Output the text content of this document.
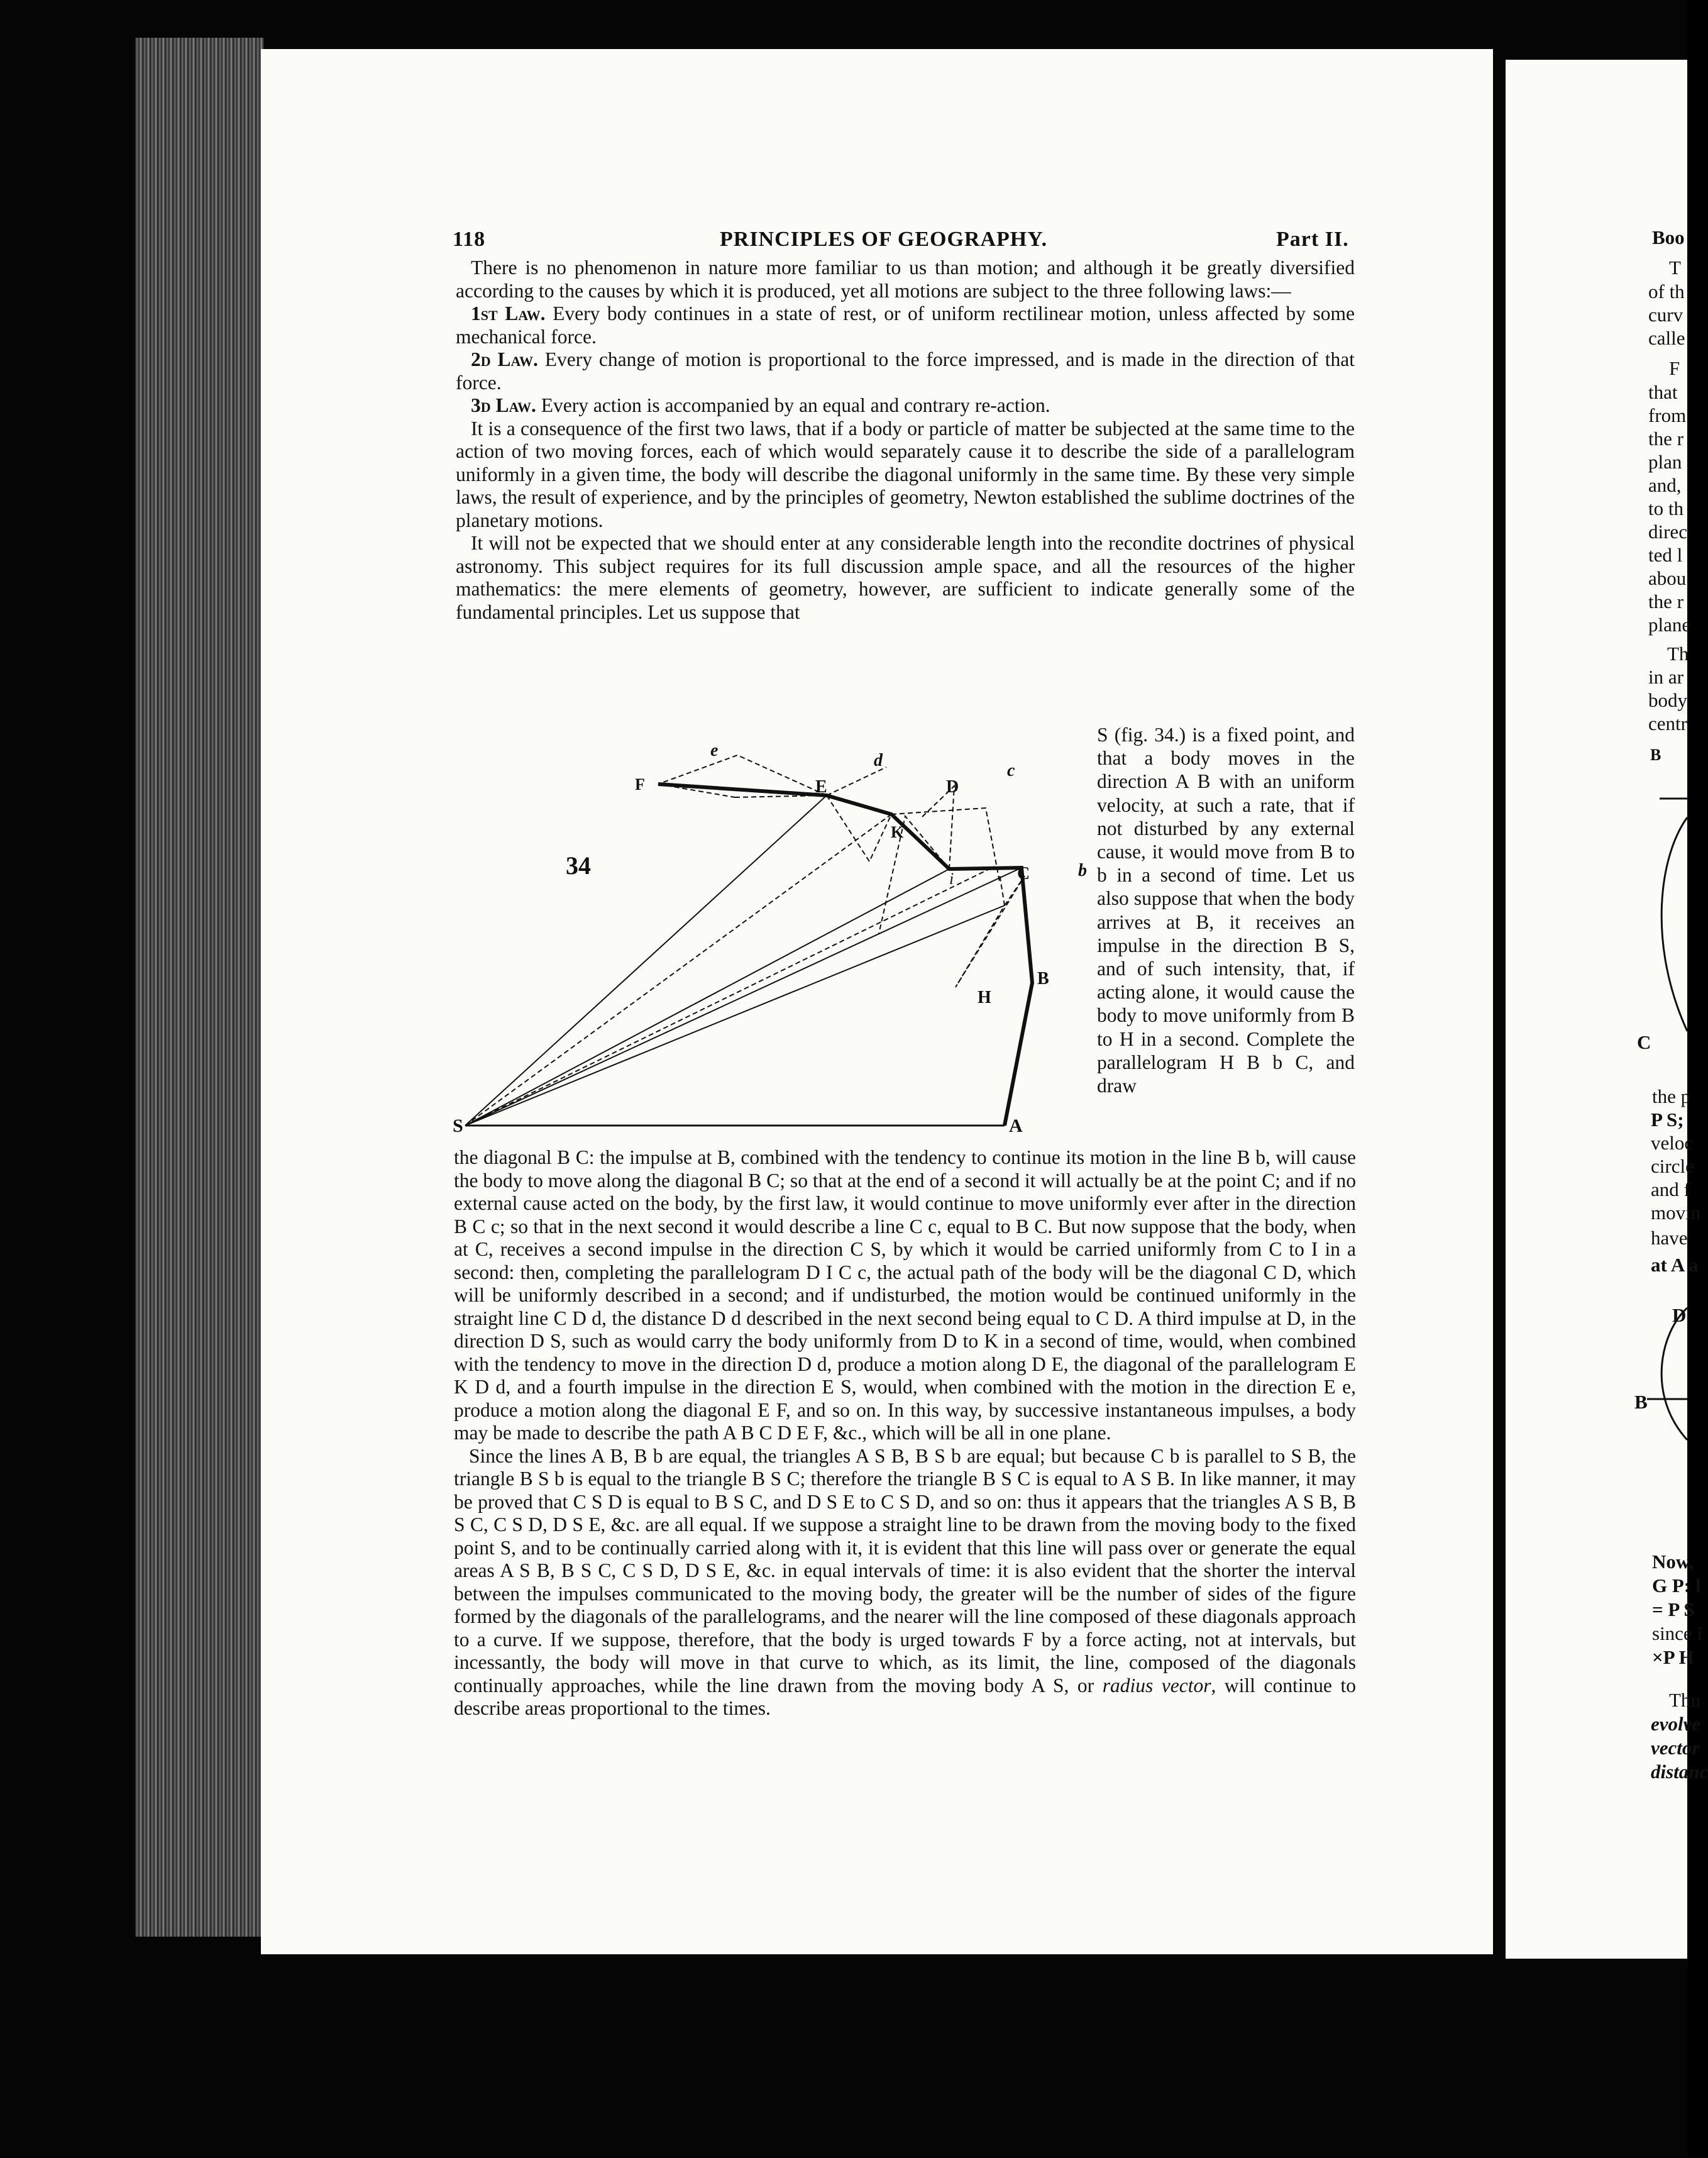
118	PRINCIPLES OF GEOGRAPHY.	Part II.

There is no phenomenon in nature more familiar to us than motion; and although it be greatly diversified according to the causes by which it is produced, yet all motions are subject to the three following laws:—

1st Law. Every body continues in a state of rest, or of uniform rectilinear motion, unless affected by some mechanical force.

2d Law. Every change of motion is proportional to the force impressed, and is made in the direction of that force.

3d Law. Every action is accompanied by an equal and contrary re-action.

It is a consequence of the first two laws, that if a body or particle of matter be subjected at the same time to the action of two moving forces, each of which would separately cause it to describe the side of a parallelogram uniformly in a given time, the body will describe the diagonal uniformly in the same time. By these very simple laws, the result of experience, and by the principles of geometry, Newton established the sublime doctrines of the planetary motions.

It will not be expected that we should enter at any considerable length into the recondite doctrines of physical astronomy. This subject requires for its full discussion ample space, and all the resources of the higher mathematics: the mere elements of geometry, however, are sufficient to indicate generally some of the fundamental principles. Let us suppose that

S	A
B
H
C	b
i
D
c
K
E
d
e
F
34

S (fig. 34.) is a fixed point, and that a body moves in the direction A B with an uniform velocity, at such a rate, that if not disturbed by any external cause, it would move from B to b in a second of time. Let us also suppose that when the body arrives at B, it receives an impulse in the direction B S, and of such intensity, that, if acting alone, it would cause the body to move uniformly from B to H in a second. Complete the parallelogram H B b C, and draw

the diagonal B C: the impulse at B, combined with the tendency to continue its motion in the line B b, will cause the body to move along the diagonal B C; so that at the end of a second it will actually be at the point C; and if no external cause acted on the body, by the first law, it would continue to move uniformly ever after in the direction B C c; so that in the next second it would describe a line C c, equal to B C. But now suppose that the body, when at C, receives a second impulse in the direction C S, by which it would be carried uniformly from C to I in a second: then, completing the parallelogram D I C c, the actual path of the body will be the diagonal C D, which will be uniformly described in a second; and if undisturbed, the motion would be continued uniformly in the straight line C D d, the distance D d described in the next second being equal to C D. A third impulse at D, in the direction D S, such as would carry the body uniformly from D to K in a second of time, would, when combined with the tendency to move in the direction D d, produce a motion along D E, the diagonal of the parallelogram E K D d, and a fourth impulse in the direction E S, would, when combined with the motion in the direction E e, produce a motion along the diagonal E F, and so on. In this way, by successive instantaneous impulses, a body may be made to describe the path A B C D E F, &c., which will be all in one plane.

Since the lines A B, B b are equal, the triangles A S B, B S b are equal; but because C b is parallel to S B, the triangle B S b is equal to the triangle B S C; therefore the triangle B S C is equal to A S B. In like manner, it may be proved that C S D is equal to B S C, and D S E to C S D, and so on: thus it appears that the triangles A S B, B S C, C S D, D S E, &c. are all equal. If we suppose a straight line to be drawn from the moving body to the fixed point S, and to be continually carried along with it, it is evident that this line will pass over or generate the equal areas A S B, B S C, C S D, D S E, &c. in equal intervals of time: it is also evident that the shorter the interval between the impulses communicated to the moving body, the greater will be the number of sides of the figure formed by the diagonals of the parallelograms, and the nearer will the line composed of these diagonals approach to a curve. If we suppose, therefore, that the body is urged towards F by a force acting, not at intervals, but incessantly, the body will move in that curve to which, as its limit, the line, composed of the diagonals continually approaches, while the line drawn from the moving body A S, or radius vector, will continue to describe areas proportional to the times.

Boo
T
of th
curv
calle
F
that
from
the r
plan
and,
to th
direc
ted l
abou
the r
plane
Th
in ar
body
centr
B
C
the p
P S;
veloc
circle
and f
movin
have
at A a
D
B
Now,
G P: l
= P S
since i
×P H
Thu
evolve
vector
distanc
